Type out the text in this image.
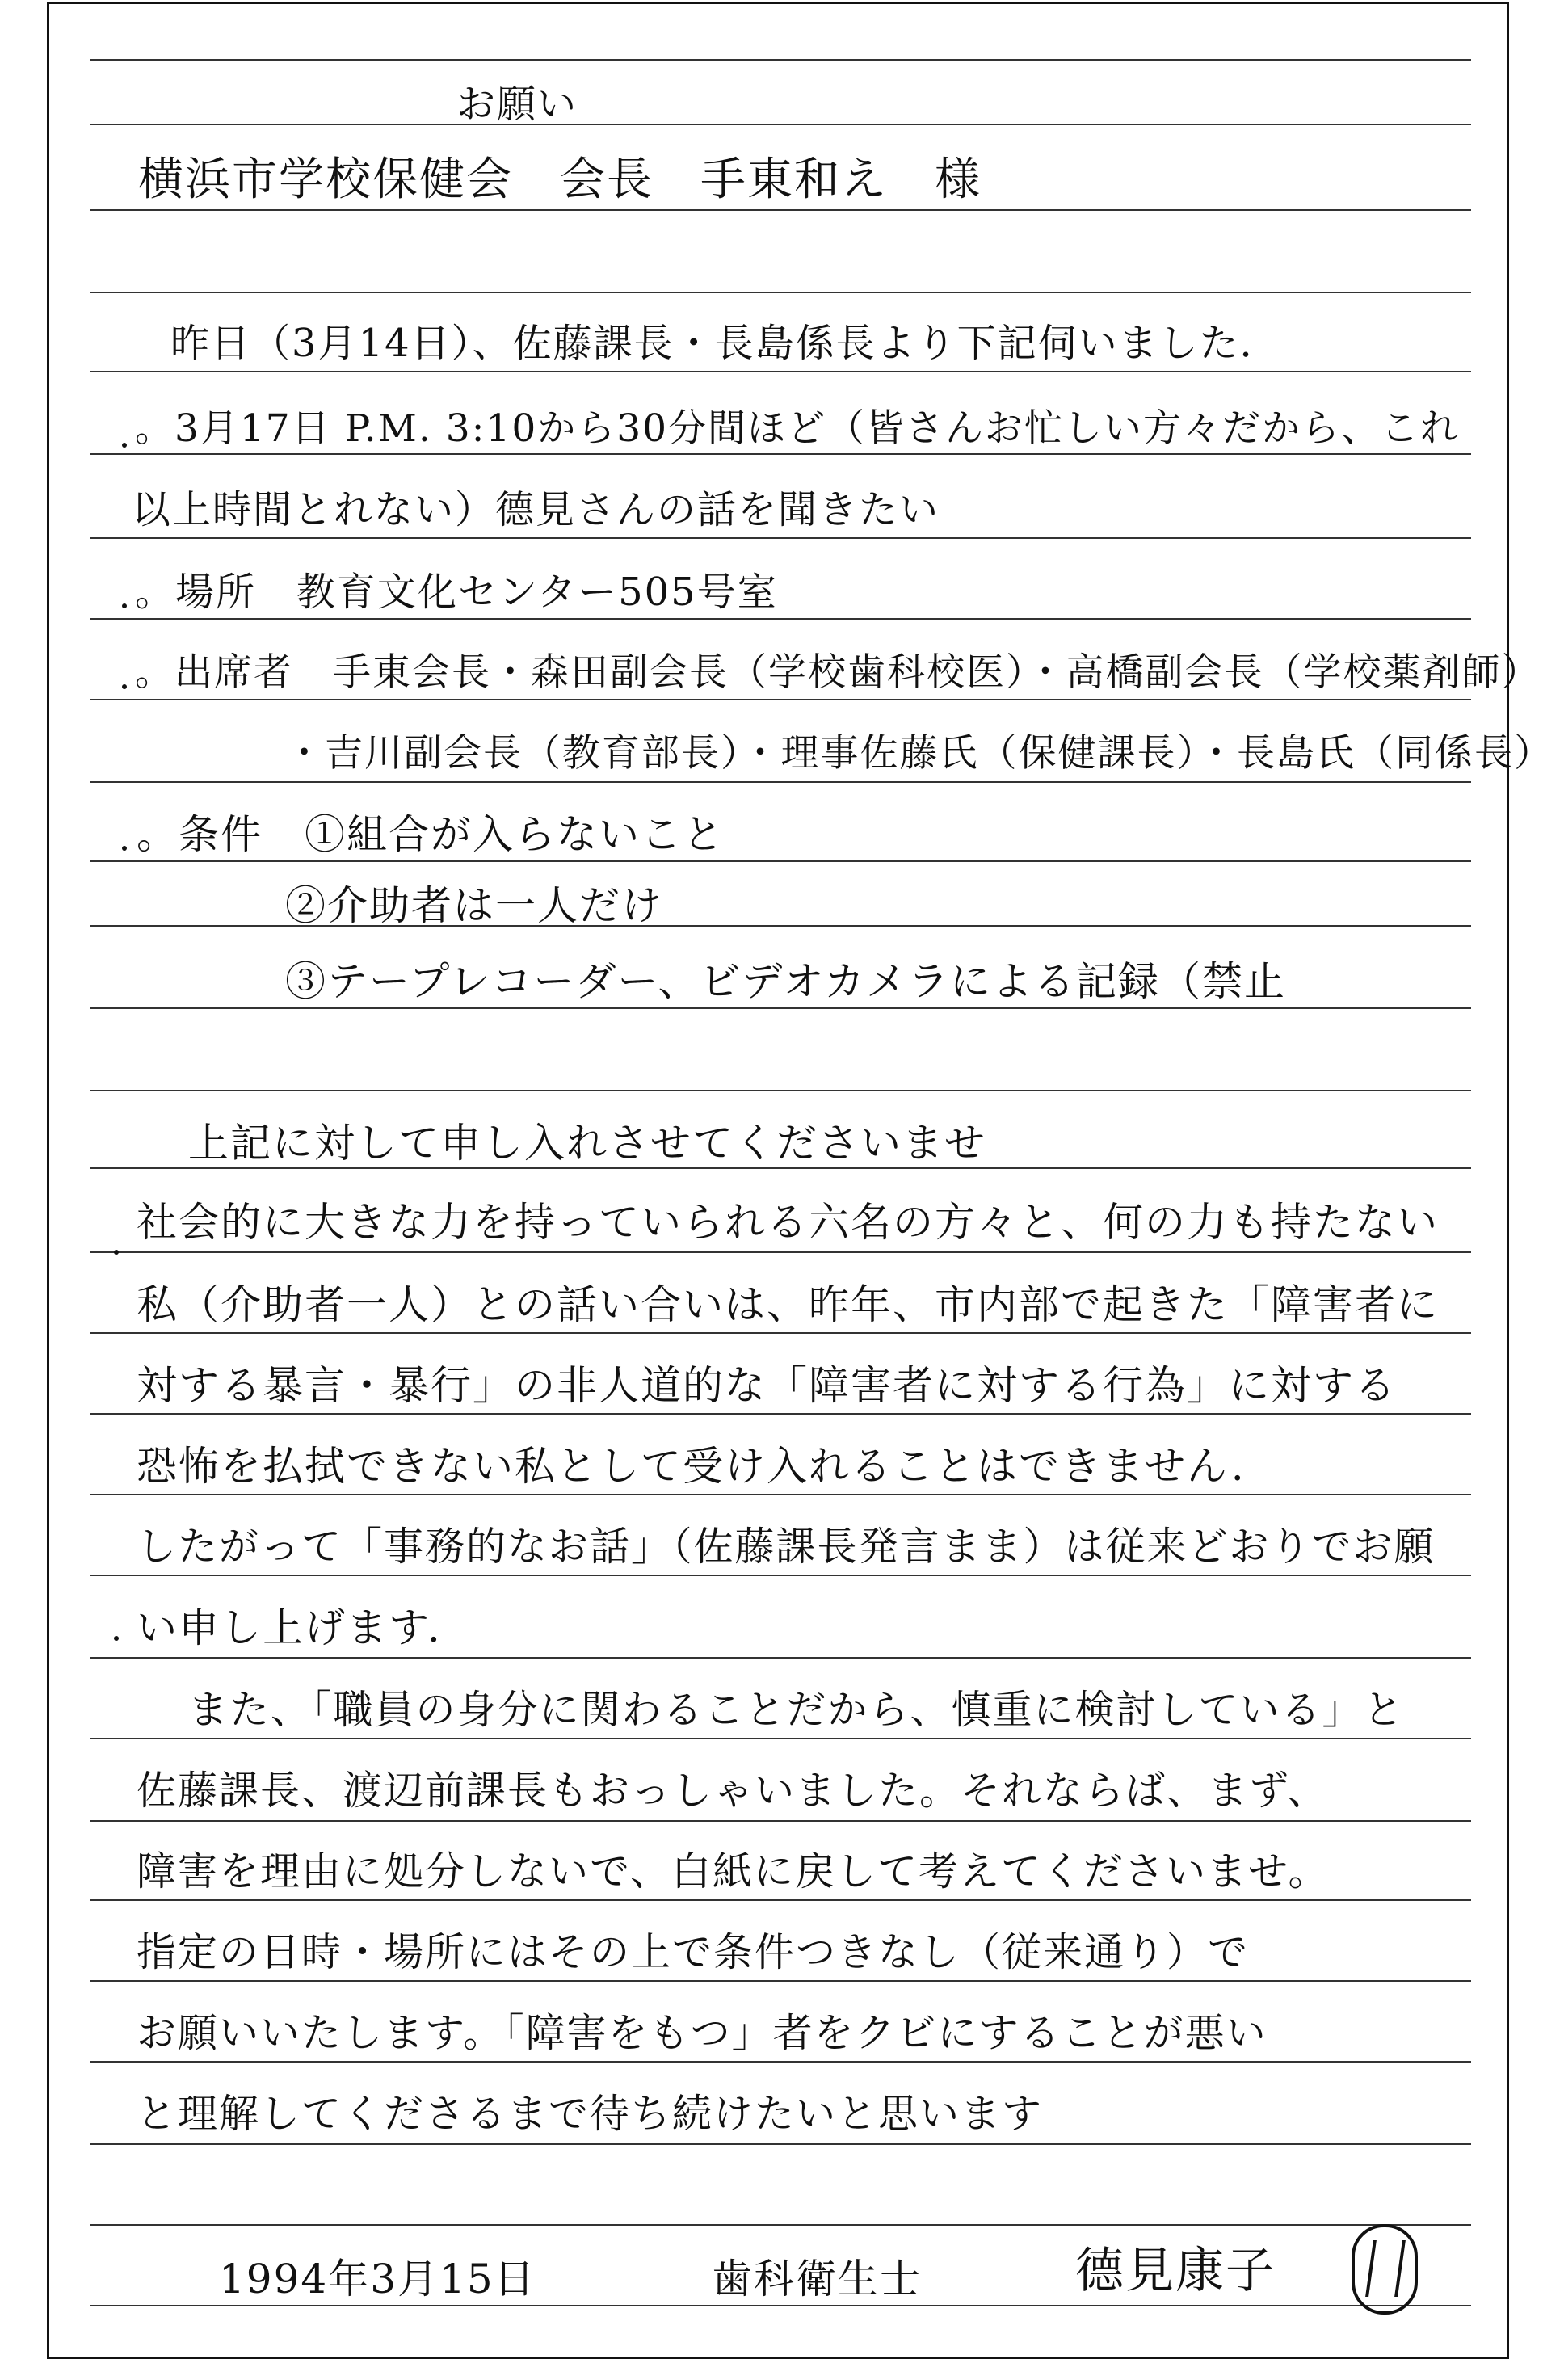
お願い
横浜市学校保健会　会長　手東和え　様
昨日（3月14日）、佐藤課長・長島係長より下記伺いました．
。3月17日 P.M. 3:10から30分間ほど（皆さんお忙しい方々だから、これ
以上時間とれない）德見さんの話を聞きたい
。場所　教育文化センター505号室
。出席者　手東会長・森田副会長（学校歯科校医）・高橋副会長（学校薬剤師）
・吉川副会長（教育部長）・理事佐藤氏（保健課長）・長島氏（同係長）
。条件　①組合が入らないこと
②介助者は一人だけ
③テープレコーダー、ビデオカメラによる記録（禁止
上記に対して申し入れさせてくださいませ
社会的に大きな力を持っていられる六名の方々と、何の力も持たない
私（介助者一人）との話い合いは、昨年、市内部で起きた「障害者に
対する暴言・暴行」の非人道的な「障害者に対する行為」に対する
恐怖を払拭できない私として受け入れることはできません．
したがって「事務的なお話」（佐藤課長発言まま）は従来どおりでお願
い申し上げます．
また、「職員の身分に関わることだから、慎重に検討している」と
佐藤課長、渡辺前課長もおっしゃいました。それならば、まず、
障害を理由に処分しないで、白紙に戻して考えてくださいませ。
指定の日時・場所にはその上で条件つきなし（従来通り）で
お願いいたします。「障害をもつ」者をクビにすることが悪い
と理解してくださるまで待ち続けたいと思います
1994年3月15日	歯科衛生士	德見康子
